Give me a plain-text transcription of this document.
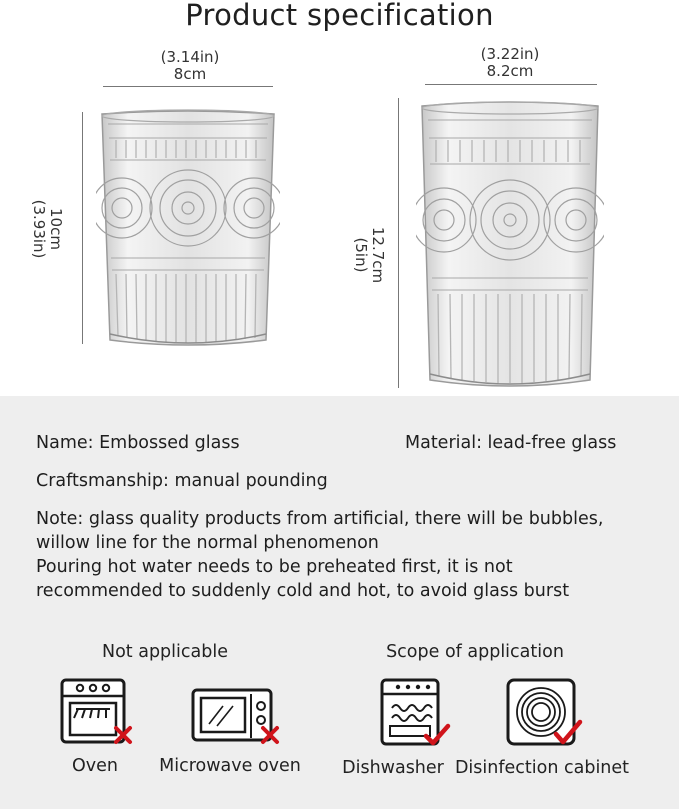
Product specification
(3.14in)
8cm
10cm
(3.93in)
(3.22in)
8.2cm
12.7cm
(5in)
Name: Embossed glass	Material: lead-free glass
Craftsmanship: manual pounding
Note: glass quality products from artificial, there will be bubbles,
willow line for the normal phenomenon
Pouring hot water needs to be preheated first, it is not
recommended to suddenly cold and hot, to avoid glass burst
Not applicable	Scope of application
Oven	Microwave oven Dishwasher Disinfection cabinet
